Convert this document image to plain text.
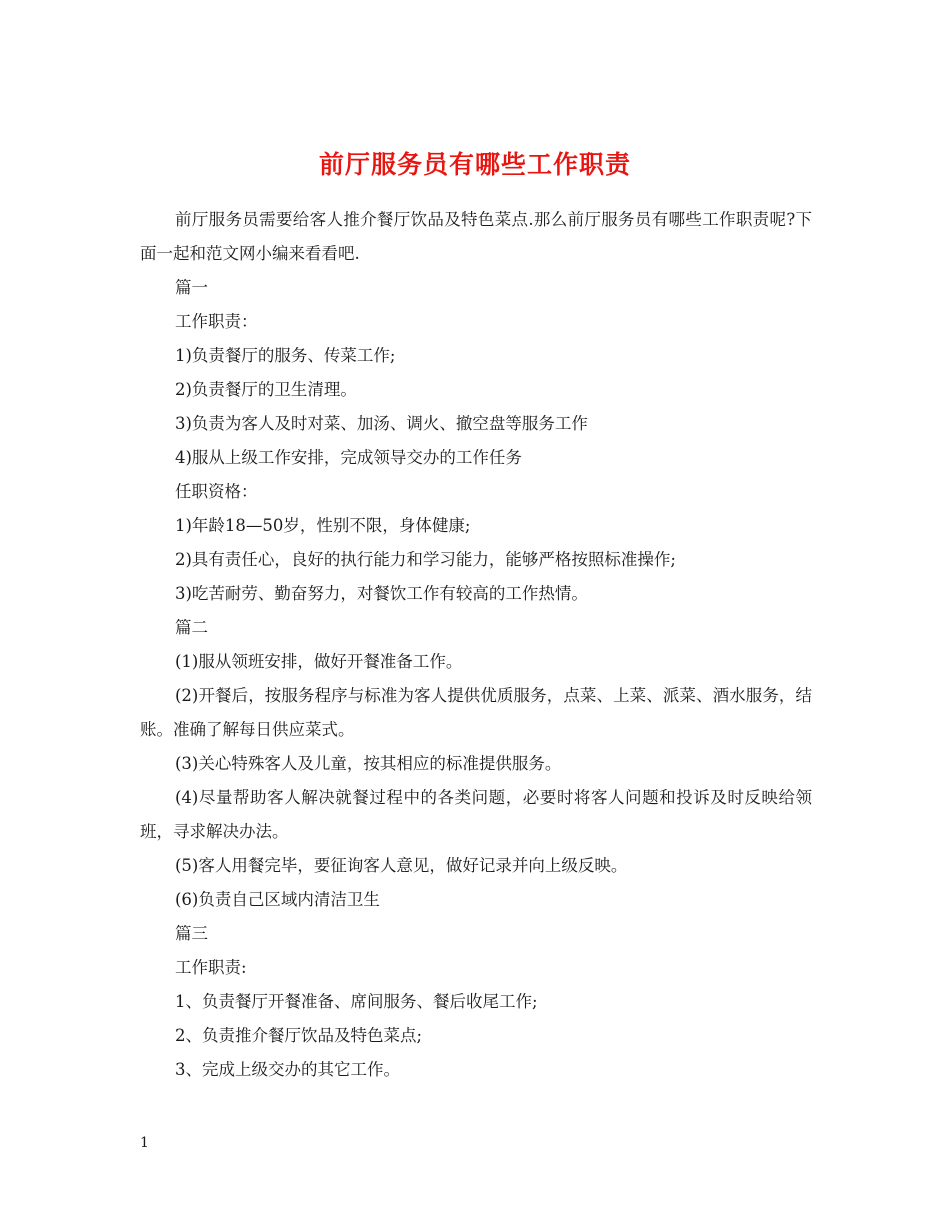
前厅服务员有哪些工作职责

前厅服务员需要给客人推介餐厅饮品及特色菜点.那么前厅服务员有哪些工作职责呢?下面一起和范文网小编来看看吧.

篇一

工作职责：

1)负责餐厅的服务、传菜工作;

2)负责餐厅的卫生清理。

3)负责为客人及时对菜、加汤、调火、撤空盘等服务工作

4)服从上级工作安排，完成领导交办的工作任务

任职资格：

1)年龄18—50岁，性别不限，身体健康;

2)具有责任心，良好的执行能力和学习能力，能够严格按照标准操作;

3)吃苦耐劳、勤奋努力，对餐饮工作有较高的工作热情。

篇二

(1)服从领班安排，做好开餐准备工作。

(2)开餐后，按服务程序与标准为客人提供优质服务，点菜、上菜、派菜、酒水服务，结账。准确了解每日供应菜式。

(3)关心特殊客人及儿童，按其相应的标准提供服务。

(4)尽量帮助客人解决就餐过程中的各类问题，必要时将客人问题和投诉及时反映给领班，寻求解决办法。

(5)客人用餐完毕，要征询客人意见，做好记录并向上级反映。

(6)负责自己区域内清洁卫生

篇三

工作职责:

1、负责餐厅开餐准备、席间服务、餐后收尾工作;

2、负责推介餐厅饮品及特色菜点;

3、完成上级交办的其它工作。

1
